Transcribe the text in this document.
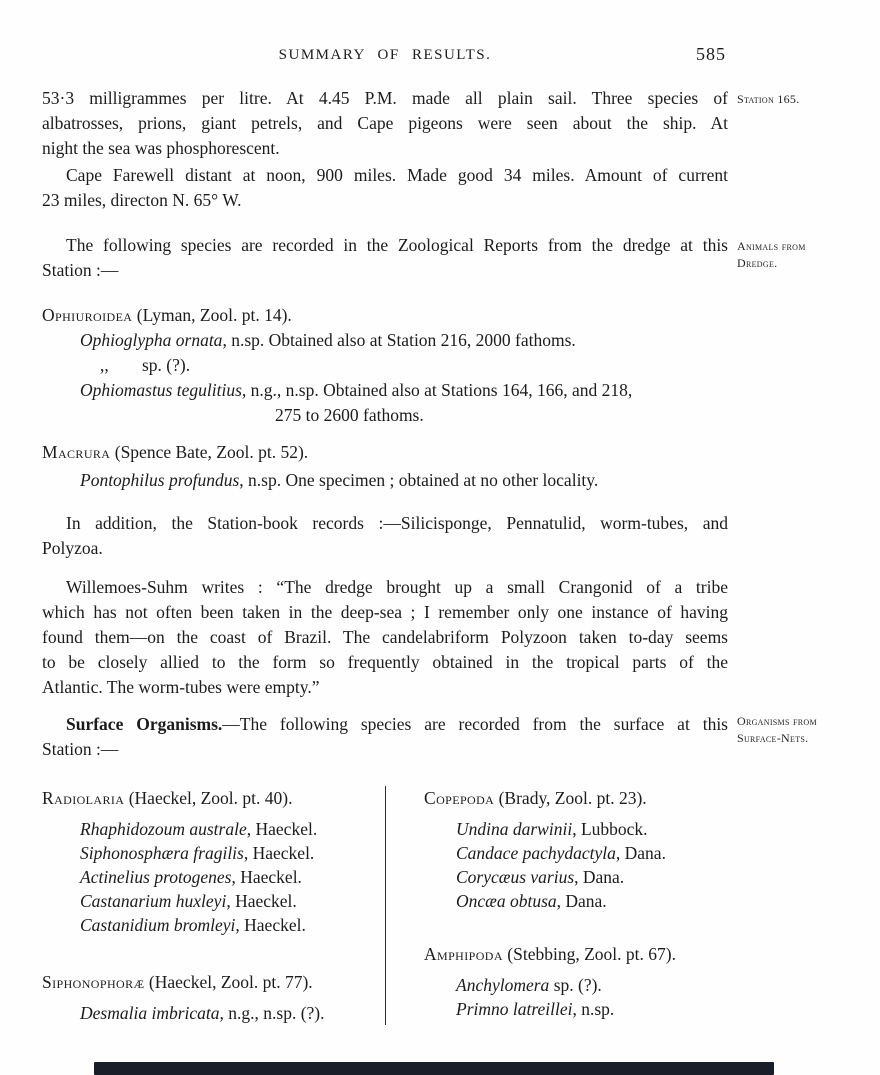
SUMMARY OF RESULTS.	585
Station 165.
Animals from
Dredge.
Organisms from
Surface-Nets.
53·3 milligrammes per litre. At 4.45 P.M. made all plain sail. Three species of
albatrosses, prions, giant petrels, and Cape pigeons were seen about the ship. At
night the sea was phosphorescent.
Cape Farewell distant at noon, 900 miles. Made good 34 miles. Amount of current
23 miles, directon N. 65° W.
The following species are recorded in the Zoological Reports from the dredge at this
Station :—
Ophiuroidea (Lyman, Zool. pt. 14).
Ophioglypha ornata, n.sp. Obtained also at Station 216, 2000 fathoms.
,, sp. (?).
Ophiomastus tegulitius, n.g., n.sp. Obtained also at Stations 164, 166, and 218,
275 to 2600 fathoms.
Macrura (Spence Bate, Zool. pt. 52).
Pontophilus profundus, n.sp. One specimen ; obtained at no other locality.
In addition, the Station-book records :—Silicisponge, Pennatulid, worm-tubes, and
Polyzoa.
Willemoes-Suhm writes : “The dredge brought up a small Crangonid of a tribe
which has not often been taken in the deep-sea ; I remember only one instance of having
found them—on the coast of Brazil. The candelabriform Polyzoon taken to-day seems
to be closely allied to the form so frequently obtained in the tropical parts of the
Atlantic. The worm-tubes were empty.”
Surface Organisms.—The following species are recorded from the surface at this
Station :—
Radiolaria (Haeckel, Zool. pt. 40).
Rhaphidozoum australe, Haeckel.
Siphonosphæra fragilis, Haeckel.
Actinelius protogenes, Haeckel.
Castanarium huxleyi, Haeckel.
Castanidium bromleyi, Haeckel.
Siphonophoræ (Haeckel, Zool. pt. 77).
Desmalia imbricata, n.g., n.sp. (?).
Copepoda (Brady, Zool. pt. 23).
Undina darwinii, Lubbock.
Candace pachydactyla, Dana.
Corycæus varius, Dana.
Oncæa obtusa, Dana.
Amphipoda (Stebbing, Zool. pt. 67).
Anchylomera sp. (?).
Primno latreillei, n.sp.
